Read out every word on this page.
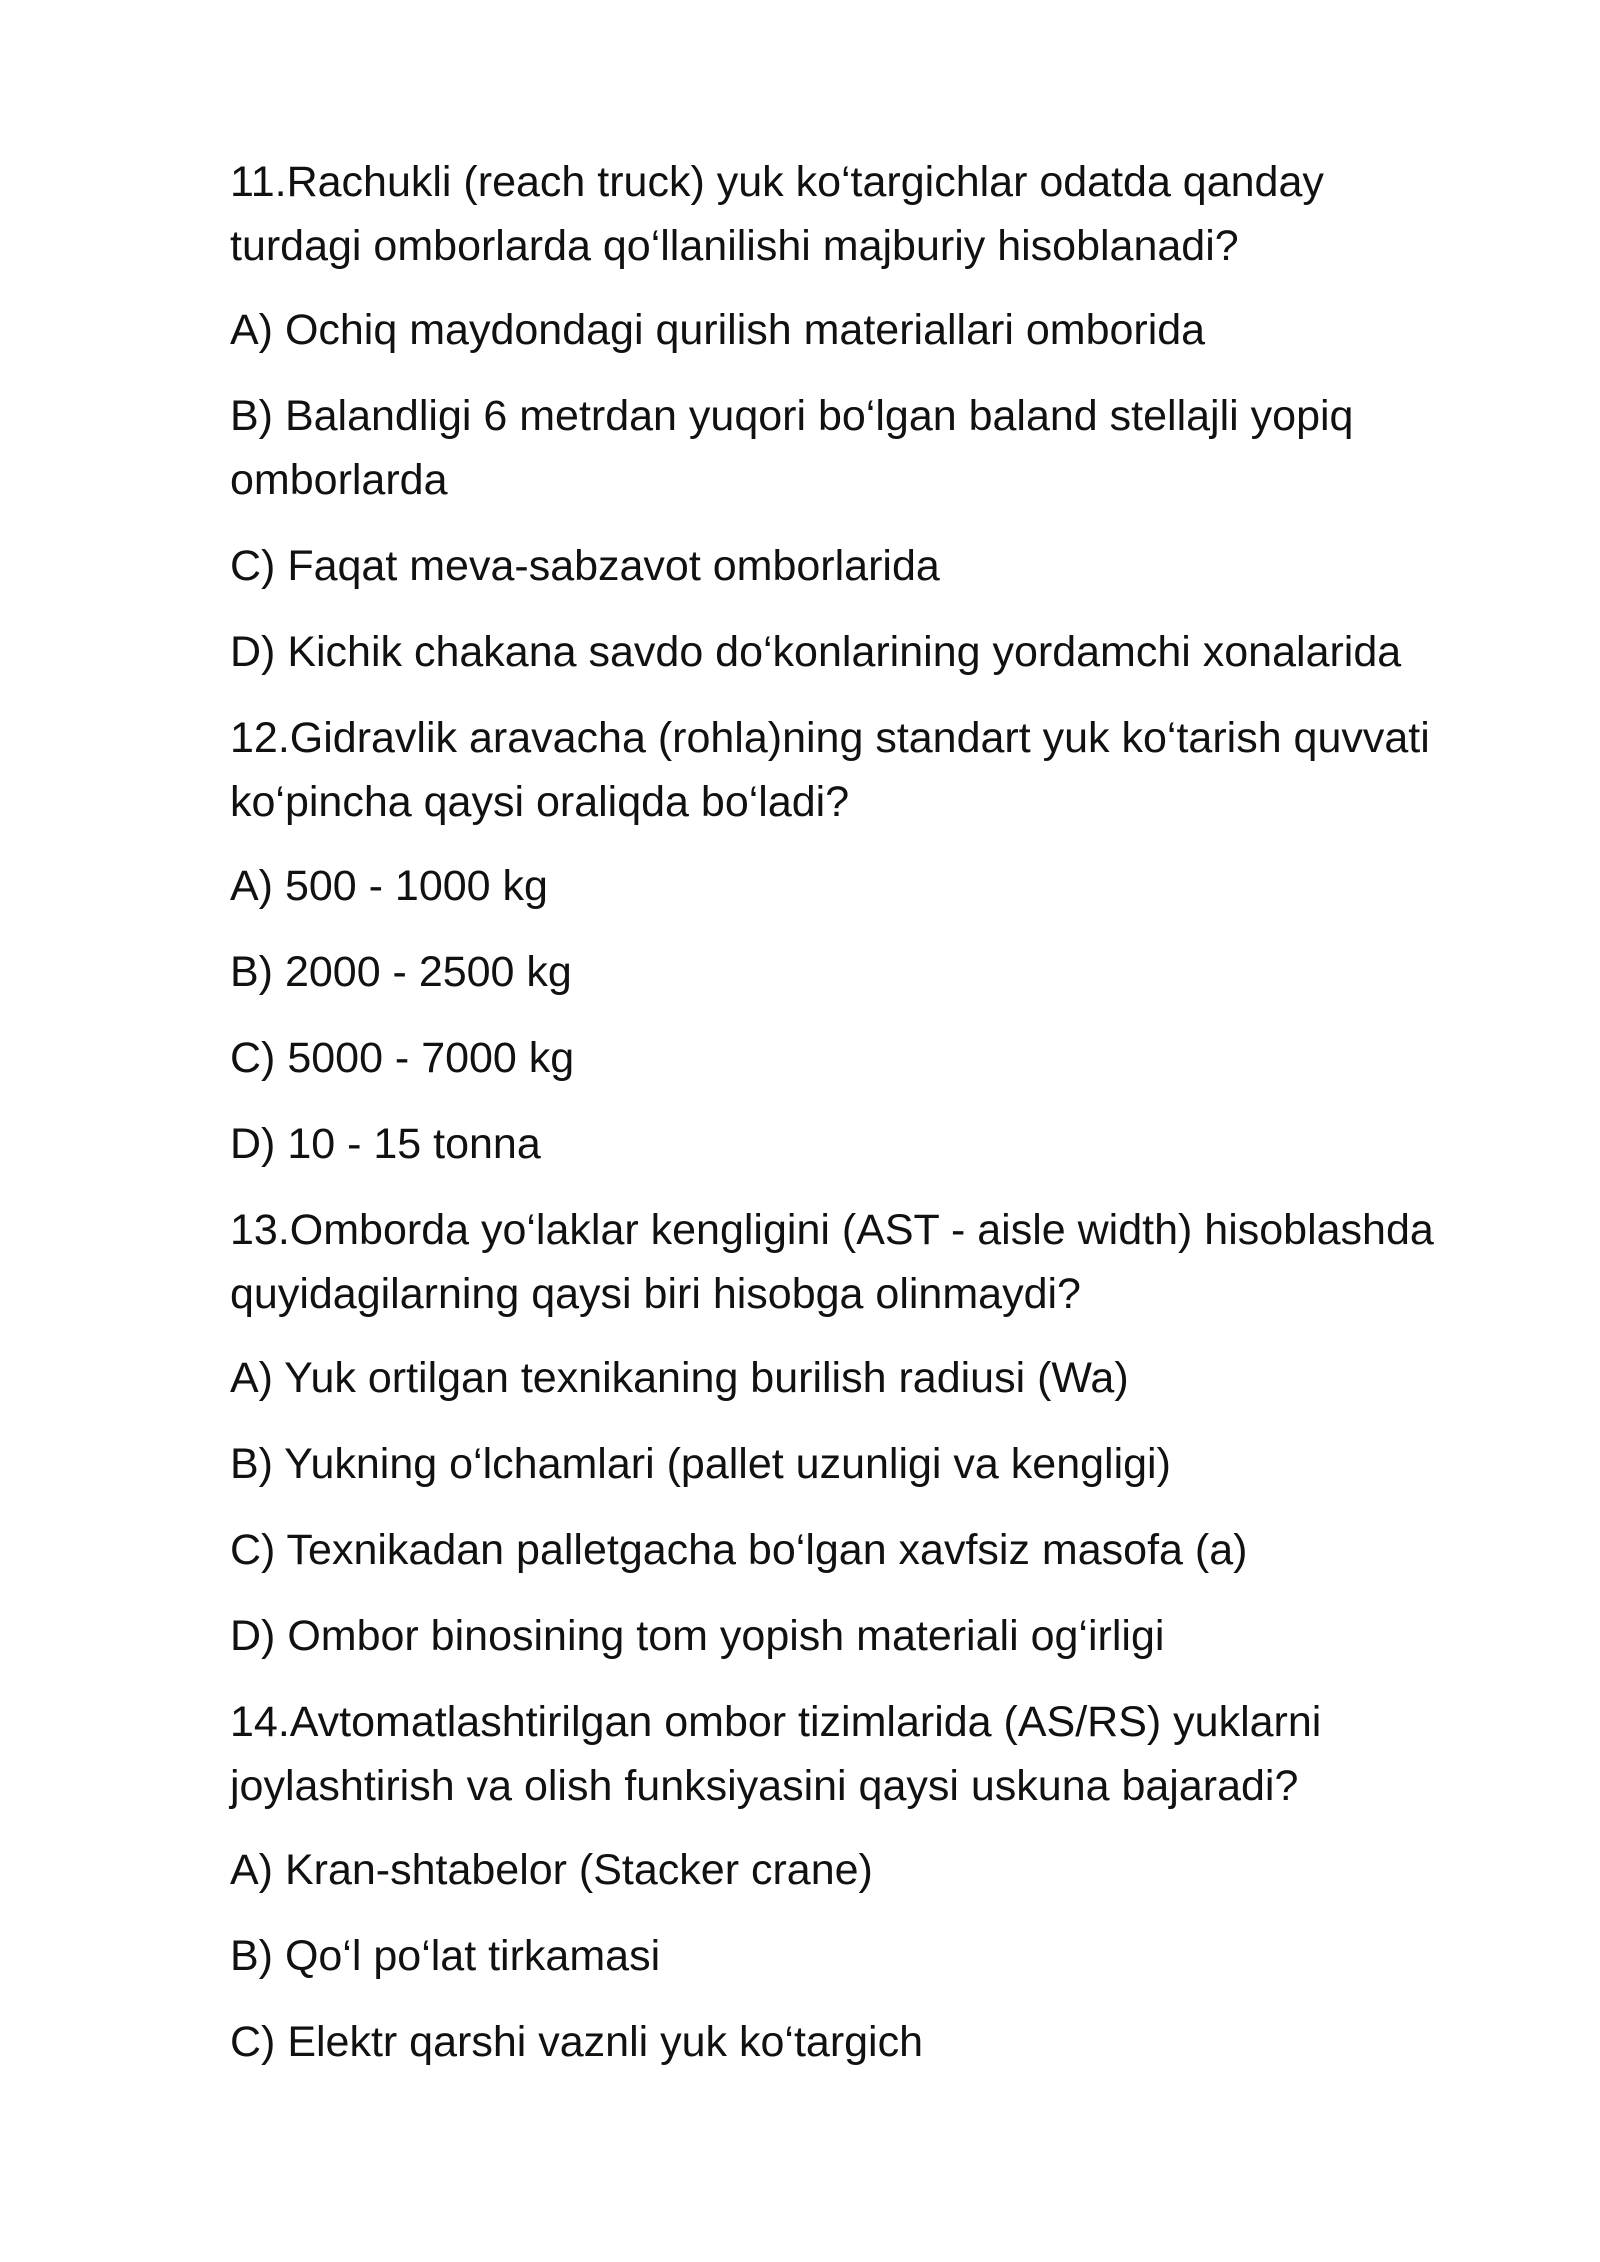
11.Rachukli (reach truck) yuk ko‘targichlar odatda qanday

turdagi omborlarda qo‘llanilishi majburiy hisoblanadi?

A) Ochiq maydondagi qurilish materiallari omborida
B) Balandligi 6 metrdan yuqori bo‘lgan baland stellajli yopiq
omborlarda
C) Faqat meva-sabzavot omborlarida
D) Kichik chakana savdo do‘konlarining yordamchi xonalarida

12.Gidravlik aravacha (rohla)ning standart yuk ko‘tarish quvvati

ko‘pincha qaysi oraliqda bo‘ladi?

A) 500 - 1000 kg
B) 2000 - 2500 kg
C) 5000 - 7000 kg
D) 10 - 15 tonna

13.Omborda yo‘laklar kengligini (AST - aisle width) hisoblashda

quyidagilarning qaysi biri hisobga olinmaydi?

A) Yuk ortilgan texnikaning burilish radiusi (Wa)
B) Yukning o‘lchamlari (pallet uzunligi va kengligi)
C) Texnikadan palletgacha bo‘lgan xavfsiz masofa (a)
D) Ombor binosining tom yopish materiali og‘irligi

14.Avtomatlashtirilgan ombor tizimlarida (AS/RS) yuklarni

joylashtirish va olish funksiyasini qaysi uskuna bajaradi?

A) Kran-shtabelor (Stacker crane)
B) Qo‘l po‘lat tirkamasi
C) Elektr qarshi vaznli yuk ko‘targich
